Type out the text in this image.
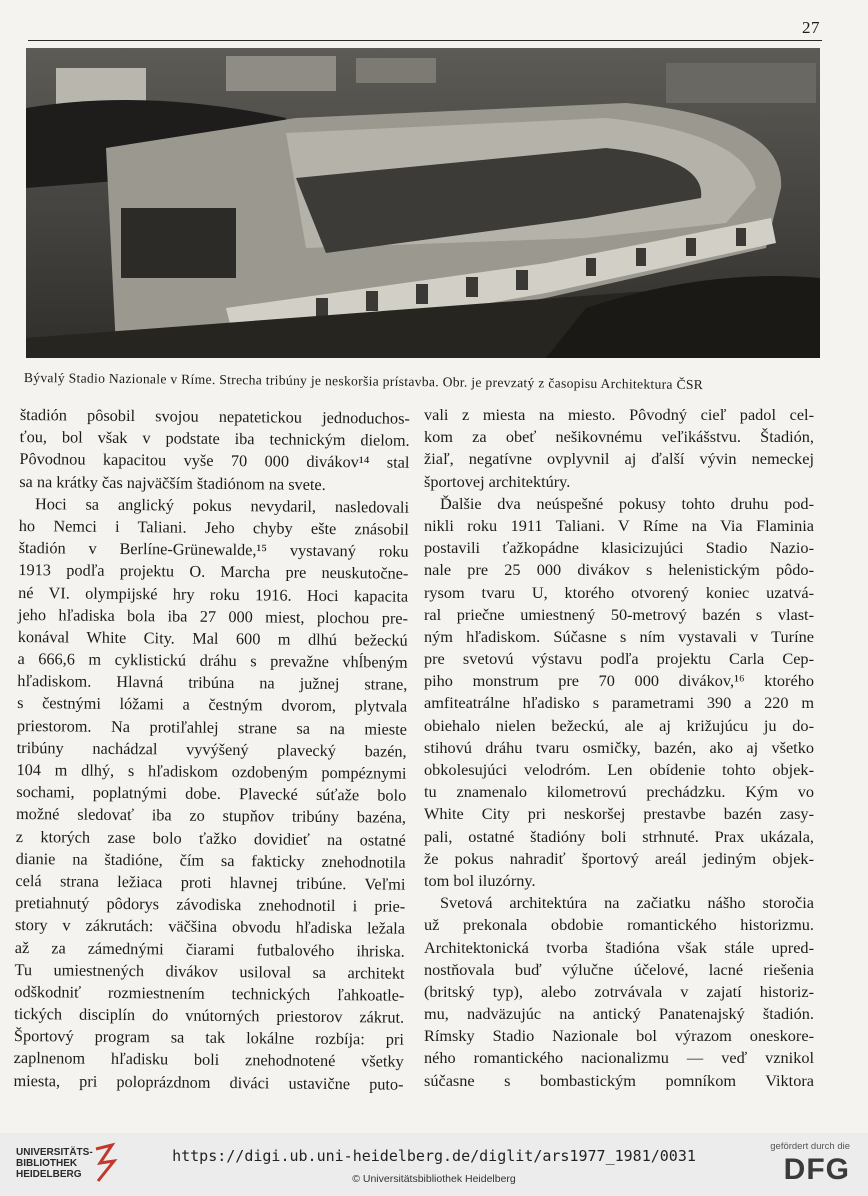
27
Bývalý Stadio Nazionale v Ríme. Strecha tribúny je neskoršia prístavba. Obr. je prevzatý z časopisu Architektura ČSR
štadión pôsobil svojou nepatetickou jednoduchos-
ťou, bol však v podstate iba technickým dielom.
Pôvodnou kapacitou vyše 70 000 divákov¹⁴ stal
sa na krátky čas najväčším štadiónom na svete.
Hoci sa anglický pokus nevydaril, nasledovali
ho Nemci i Taliani. Jeho chyby ešte znásobil
štadión v Berlíne-Grünewalde,¹⁵ vystavaný roku
1913 podľa projektu O. Marcha pre neuskutočne-
né VI. olympijské hry roku 1916. Hoci kapacita
jeho hľadiska bola iba 27 000 miest, plochou pre-
konával White City. Mal 600 m dlhú bežeckú
a 666,6 m cyklistickú dráhu s prevažne vhĺbeným
hľadiskom. Hlavná tribúna na južnej strane,
s čestnými lóžami a čestným dvorom, plytvala
priestorom. Na protiľahlej strane sa na mieste
tribúny nachádzal vyvýšený plavecký bazén,
104 m dlhý, s hľadiskom ozdobeným pompéznymi
sochami, poplatnými dobe. Plavecké súťaže bolo
možné sledovať iba zo stupňov tribúny bazéna,
z ktorých zase bolo ťažko dovidieť na ostatné
dianie na štadióne, čím sa fakticky znehodnotila
celá strana ležiaca proti hlavnej tribúne. Veľmi
pretiahnutý pôdorys závodiska znehodnotil i prie-
story v zákrutách: väčšina obvodu hľadiska ležala
až za zámednými čiarami futbalového ihriska.
Tu umiestnených divákov usiloval sa architekt
odškodniť rozmiestnením technických ľahkoatle-
tických disciplín do vnútorných priestorov zákrut.
Športový program sa tak lokálne rozbíja: pri
zaplnenom hľadisku boli znehodnotené všetky
miesta, pri poloprázdnom diváci ustavične puto-
vali z miesta na miesto. Pôvodný cieľ padol cel-
kom za obeť nešikovnému veľikášstvu. Štadión,
žiaľ, negatívne ovplyvnil aj ďalší vývin nemeckej
športovej architektúry.
Ďalšie dva neúspešné pokusy tohto druhu pod-
nikli roku 1911 Taliani. V Ríme na Via Flaminia
postavili ťažkopádne klasicizujúci Stadio Nazio-
nale pre 25 000 divákov s helenistickým pôdo-
rysom tvaru U, ktorého otvorený koniec uzatvá-
ral priečne umiestnený 50-metrový bazén s vlast-
ným hľadiskom. Súčasne s ním vystavali v Turíne
pre svetovú výstavu podľa projektu Carla Cep-
piho monstrum pre 70 000 divákov,¹⁶ ktorého
amfiteatrálne hľadisko s parametrami 390 a 220 m
obiehalo nielen bežeckú, ale aj križujúcu ju do-
stihovú dráhu tvaru osmičky, bazén, ako aj všetko
obkolesujúci velodróm. Len obídenie tohto objek-
tu znamenalo kilometrovú prechádzku. Kým vo
White City pri neskoršej prestavbe bazén zasy-
pali, ostatné štadióny boli strhnuté. Prax ukázala,
že pokus nahradiť športový areál jediným objek-
tom bol iluzórny.
Svetová architektúra na začiatku nášho storočia
už prekonala obdobie romantického historizmu.
Architektonická tvorba štadióna však stále upred-
nostňovala buď výlučne účelové, lacné riešenia
(britský typ), alebo zotrvávala v zajatí historiz-
mu, nadväzujúc na antický Panatenajský štadión.
Rímsky Stadio Nazionale bol výrazom oneskore-
ného romantického nacionalizmu — veď vznikol
súčasne s bombastickým pomníkom Viktora
UNIVERSITÄTS-
BIBLIOTHEK
HEIDELBERG
https://digi.ub.uni-heidelberg.de/diglit/ars1977_1981/0031
© Universitätsbibliothek Heidelberg
gefördert durch die
DFG
